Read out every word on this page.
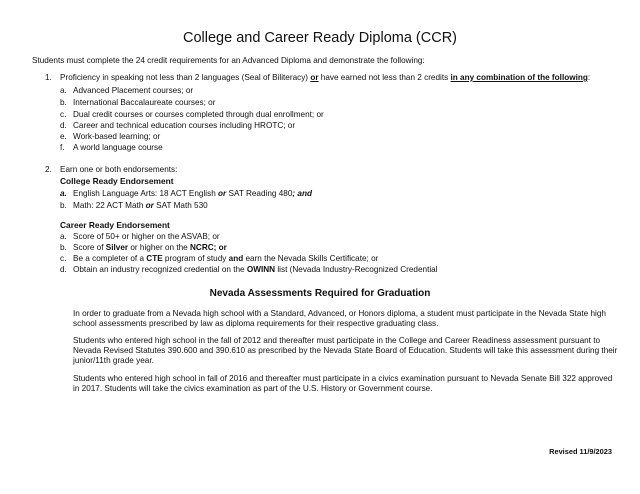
College and Career Ready Diploma (CCR)
Students must complete the 24 credit requirements for an Advanced Diploma and demonstrate the following:
1. Proficiency in speaking not less than 2 languages (Seal of Biliteracy) or have earned not less than 2 credits in any combination of the following:
a. Advanced Placement courses; or
b. International Baccalaureate courses; or
c. Dual credit courses or courses completed through dual enrollment; or
d. Career and technical education courses including HROTC; or
e. Work-based learning; or
f. A world language course
2. Earn one or both endorsements:
College Ready Endorsement
a. English Language Arts: 18 ACT English or SAT Reading 480; and
b. Math: 22 ACT Math or SAT Math 530
Career Ready Endorsement
a. Score of 50+ or higher on the ASVAB; or
b. Score of Silver or higher on the NCRC; or
c. Be a completer of a CTE program of study and earn the Nevada Skills Certificate; or
d. Obtain an industry recognized credential on the OWINN list (Nevada Industry-Recognized Credential
Nevada Assessments Required for Graduation
In order to graduate from a Nevada high school with a Standard, Advanced, or Honors diploma, a student must participate in the Nevada State high school assessments prescribed by law as diploma requirements for their respective graduating class.
Students who entered high school in the fall of 2012 and thereafter must participate in the College and Career Readiness assessment pursuant to Nevada Revised Statutes 390.600 and 390.610 as prescribed by the Nevada State Board of Education. Students will take this assessment during their junior/11th grade year.
Students who entered high school in fall of 2016 and thereafter must participate in a civics examination pursuant to Nevada Senate Bill 322 approved in 2017. Students will take the civics examination as part of the U.S. History or Government course.
Revised 11/9/2023
